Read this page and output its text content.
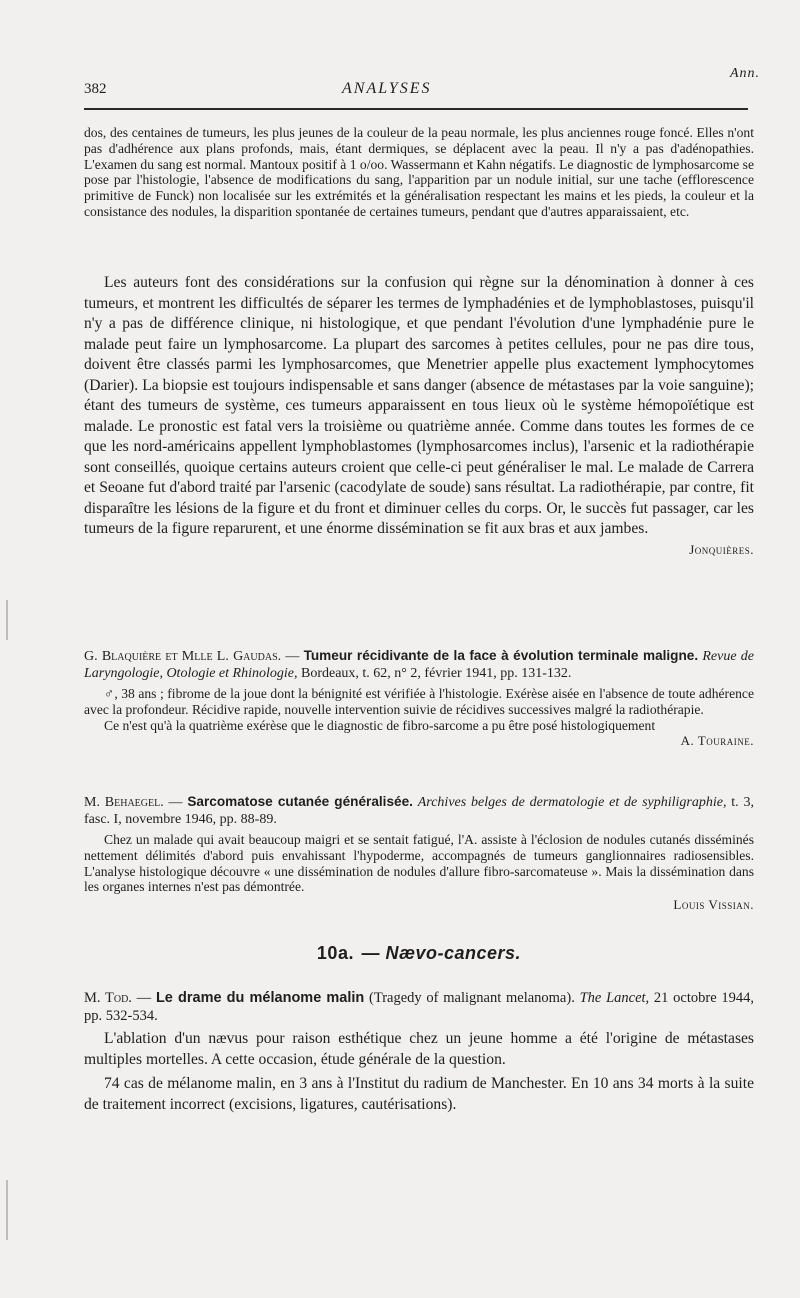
Ann.
382	ANALYSES

dos, des centaines de tumeurs, les plus jeunes de la couleur de la peau normale, les plus anciennes rouge foncé. Elles n'ont pas d'adhérence aux plans profonds, mais, étant dermiques, se déplacent avec la peau. Il n'y a pas d'adénopathies. L'examen du sang est normal. Mantoux positif à 1 o/oo. Wassermann et Kahn négatifs. Le diagnostic de lymphosarcome se pose par l'histologie, l'absence de modifications du sang, l'apparition par un nodule initial, sur une tache (efflorescence primitive de Funck) non localisée sur les extrémités et la généralisation respectant les mains et les pieds, la couleur et la consistance des nodules, la disparition spontanée de certaines tumeurs, pendant que d'autres apparaissaient, etc.

Les auteurs font des considérations sur la confusion qui règne sur la dénomination à donner à ces tumeurs, et montrent les difficultés de séparer les termes de lymphadénies et de lymphoblastoses, puisqu'il n'y a pas de différence clinique, ni histologique, et que pendant l'évolution d'une lymphadénie pure le malade peut faire un lymphosarcome. La plupart des sarcomes à petites cellules, pour ne pas dire tous, doivent être classés parmi les lymphosarcomes, que Menetrier appelle plus exactement lymphocytomes (Darier). La biopsie est toujours indispensable et sans danger (absence de métastases par la voie sanguine); étant des tumeurs de système, ces tumeurs apparaissent en tous lieux où le système hémopoïétique est malade. Le pronostic est fatal vers la troisième ou quatrième année. Comme dans toutes les formes de ce que les nord-américains appellent lymphoblastomes (lymphosarcomes inclus), l'arsenic et la radiothérapie sont conseillés, quoique certains auteurs croient que celle-ci peut généraliser le mal. Le malade de Carrera et Seoane fut d'abord traité par l'arsenic (cacodylate de soude) sans résultat. La radiothérapie, par contre, fit disparaître les lésions de la figure et du front et diminuer celles du corps. Or, le succès fut passager, car les tumeurs de la figure reparurent, et une énorme dissémination se fit aux bras et aux jambes.

Jonquières.

G. Blaquière et Mlle L. Gaudas. — Tumeur récidivante de la face à évolution terminale maligne. Revue de Laryngologie, Otologie et Rhinologie, Bordeaux, t. 62, n° 2, février 1941, pp. 131-132.

♂, 38 ans ; fibrome de la joue dont la bénignité est vérifiée à l'histologie. Exérèse aisée en l'absence de toute adhérence avec la profondeur. Récidive rapide, nouvelle intervention suivie de récidives successives malgré la radiothérapie.

Ce n'est qu'à la quatrième exérèse que le diagnostic de fibro-sarcome a pu être posé histologiquement

A. Touraine.

M. Behaegel. — Sarcomatose cutanée généralisée. Archives belges de dermatologie et de syphiligraphie, t. 3, fasc. I, novembre 1946, pp. 88-89.

Chez un malade qui avait beaucoup maigri et se sentait fatigué, l'A. assiste à l'éclosion de nodules cutanés disséminés nettement délimités d'abord puis envahissant l'hypoderme, accompagnés de tumeurs ganglionnaires radiosensibles. L'analyse histologique découvre « une dissémination de nodules d'allure fibro-sarcomateuse ». Mais la dissémination dans les organes internes n'est pas démontrée.

Louis Vissian.
10a. — Nævo-cancers.

M. Tod. — Le drame du mélanome malin (Tragedy of malignant melanoma). The Lancet, 21 octobre 1944, pp. 532-534.

L'ablation d'un nævus pour raison esthétique chez un jeune homme a été l'origine de métastases multiples mortelles. A cette occasion, étude générale de la question.

74 cas de mélanome malin, en 3 ans à l'Institut du radium de Manchester. En 10 ans 34 morts à la suite de traitement incorrect (excisions, ligatures, cautérisations).
